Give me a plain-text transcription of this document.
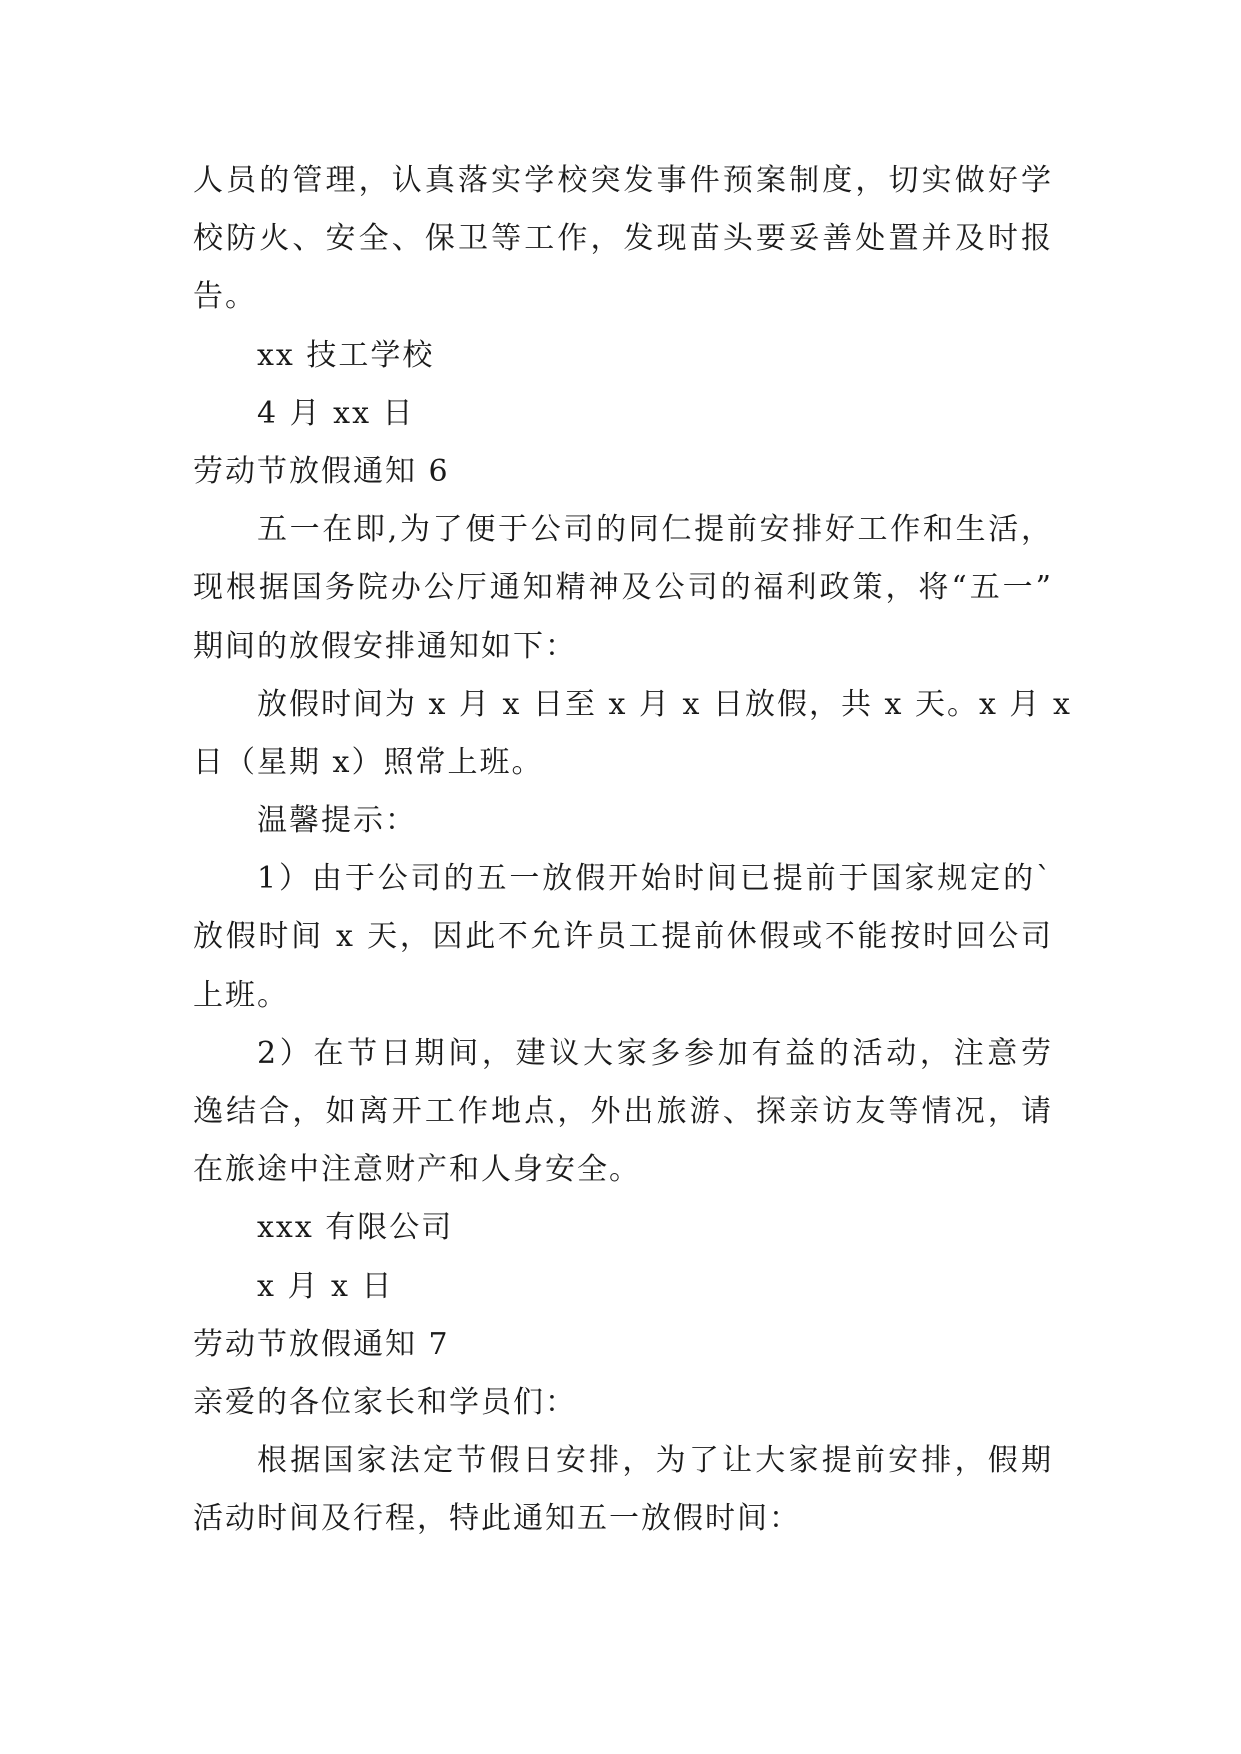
人员的管理，认真落实学校突发事件预案制度，切实做好学
校防火、安全、保卫等工作，发现苗头要妥善处置并及时报
告。
xx 技工学校
4 月 xx 日
劳动节放假通知 6
五一在即,为了便于公司的同仁提前安排好工作和生活，
现根据国务院办公厅通知精神及公司的福利政策，将“五一”
期间的放假安排通知如下：
放假时间为 x 月 x 日至 x 月 x 日放假，共 x 天。x 月 x
日（星期 x）照常上班。
温馨提示：
1）由于公司的五一放假开始时间已提前于国家规定的`
放假时间 x 天，因此不允许员工提前休假或不能按时回公司
上班。
2）在节日期间，建议大家多参加有益的活动，注意劳
逸结合，如离开工作地点，外出旅游、探亲访友等情况，请
在旅途中注意财产和人身安全。
xxx 有限公司
x 月 x 日
劳动节放假通知 7
亲爱的各位家长和学员们：
根据国家法定节假日安排，为了让大家提前安排，假期
活动时间及行程，特此通知五一放假时间：
